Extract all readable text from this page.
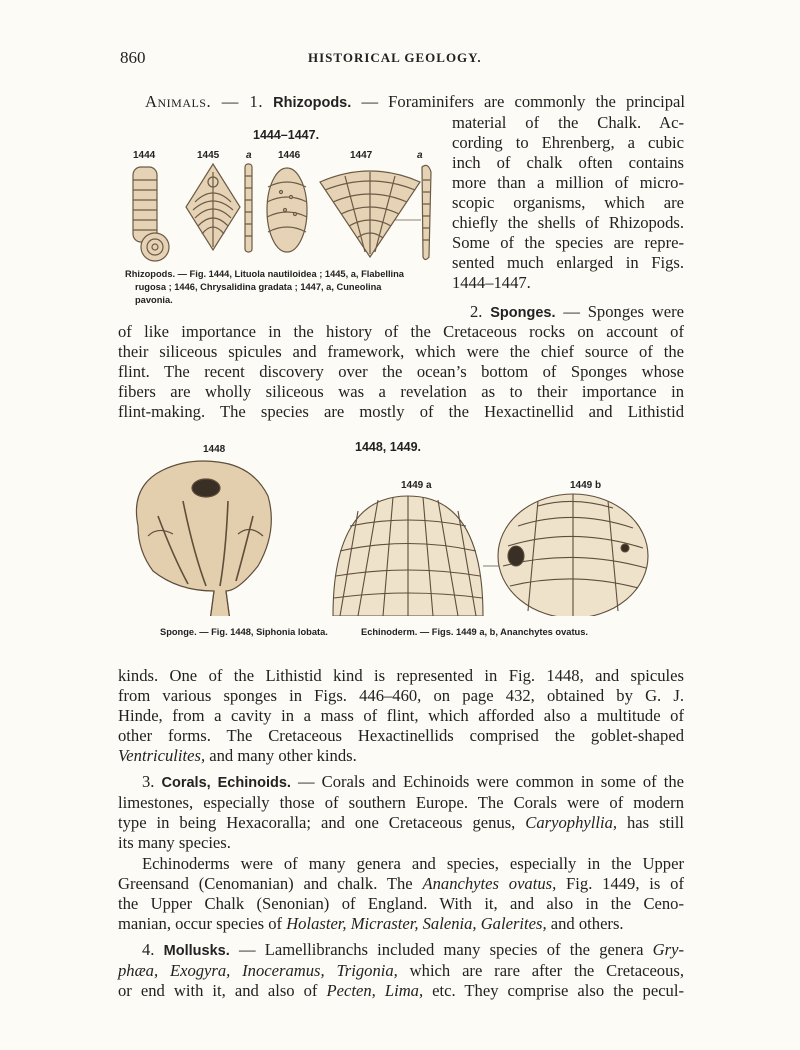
860	HISTORICAL GEOLOGY.
Animals. — 1. Rhizopods. — Foraminifers are commonly the principal
material of the Chalk. Ac-
cording to Ehrenberg, a cubic
inch of chalk often contains
more than a million of micro-
scopic organisms, which are
chiefly the shells of Rhizopods.
Some of the species are repre-
sented much enlarged in Figs.
1444–1447.
1444–1447.
1444	1445	a	1446	1447	a
Rhizopods. — Fig. 1444, Lituola nautiloidea ; 1445, a, Flabellina
rugosa ; 1446, Chrysalidina gradata ; 1447, a, Cuneolina
pavonia.
2. Sponges. — Sponges were
of like importance in the history of the Cretaceous rocks on account of
their siliceous spicules and framework, which were the chief source of the
flint. The recent discovery over the ocean’s bottom of Sponges whose
fibers are wholly siliceous was a revelation as to their importance in
flint-making. The species are mostly of the Hexactinellid and Lithistid
1448, 1449.
1448
1449 a	1449 b
Sponge. — Fig. 1448, Siphonia lobata.	Echinoderm. — Figs. 1449 a, b, Ananchytes ovatus.
kinds. One of the Lithistid kind is represented in Fig. 1448, and spicules
from various sponges in Figs. 446–460, on page 432, obtained by G. J.
Hinde, from a cavity in a mass of flint, which afforded also a multitude of
other forms. The Cretaceous Hexactinellids comprised the goblet-shaped
Ventriculites, and many other kinds.
3. Corals, Echinoids. — Corals and Echinoids were common in some of the
limestones, especially those of southern Europe. The Corals were of modern
type in being Hexacoralla; and one Cretaceous genus, Caryophyllia, has still
its many species.
Echinoderms were of many genera and species, especially in the Upper
Greensand (Cenomanian) and chalk. The Ananchytes ovatus, Fig. 1449, is of
the Upper Chalk (Senonian) of England. With it, and also in the Ceno-
manian, occur species of Holaster, Micraster, Salenia, Galerites, and others.
4. Mollusks. — Lamellibranchs included many species of the genera Gry-
phæa, Exogyra, Inoceramus, Trigonia, which are rare after the Cretaceous,
or end with it, and also of Pecten, Lima, etc. They comprise also the pecul-
